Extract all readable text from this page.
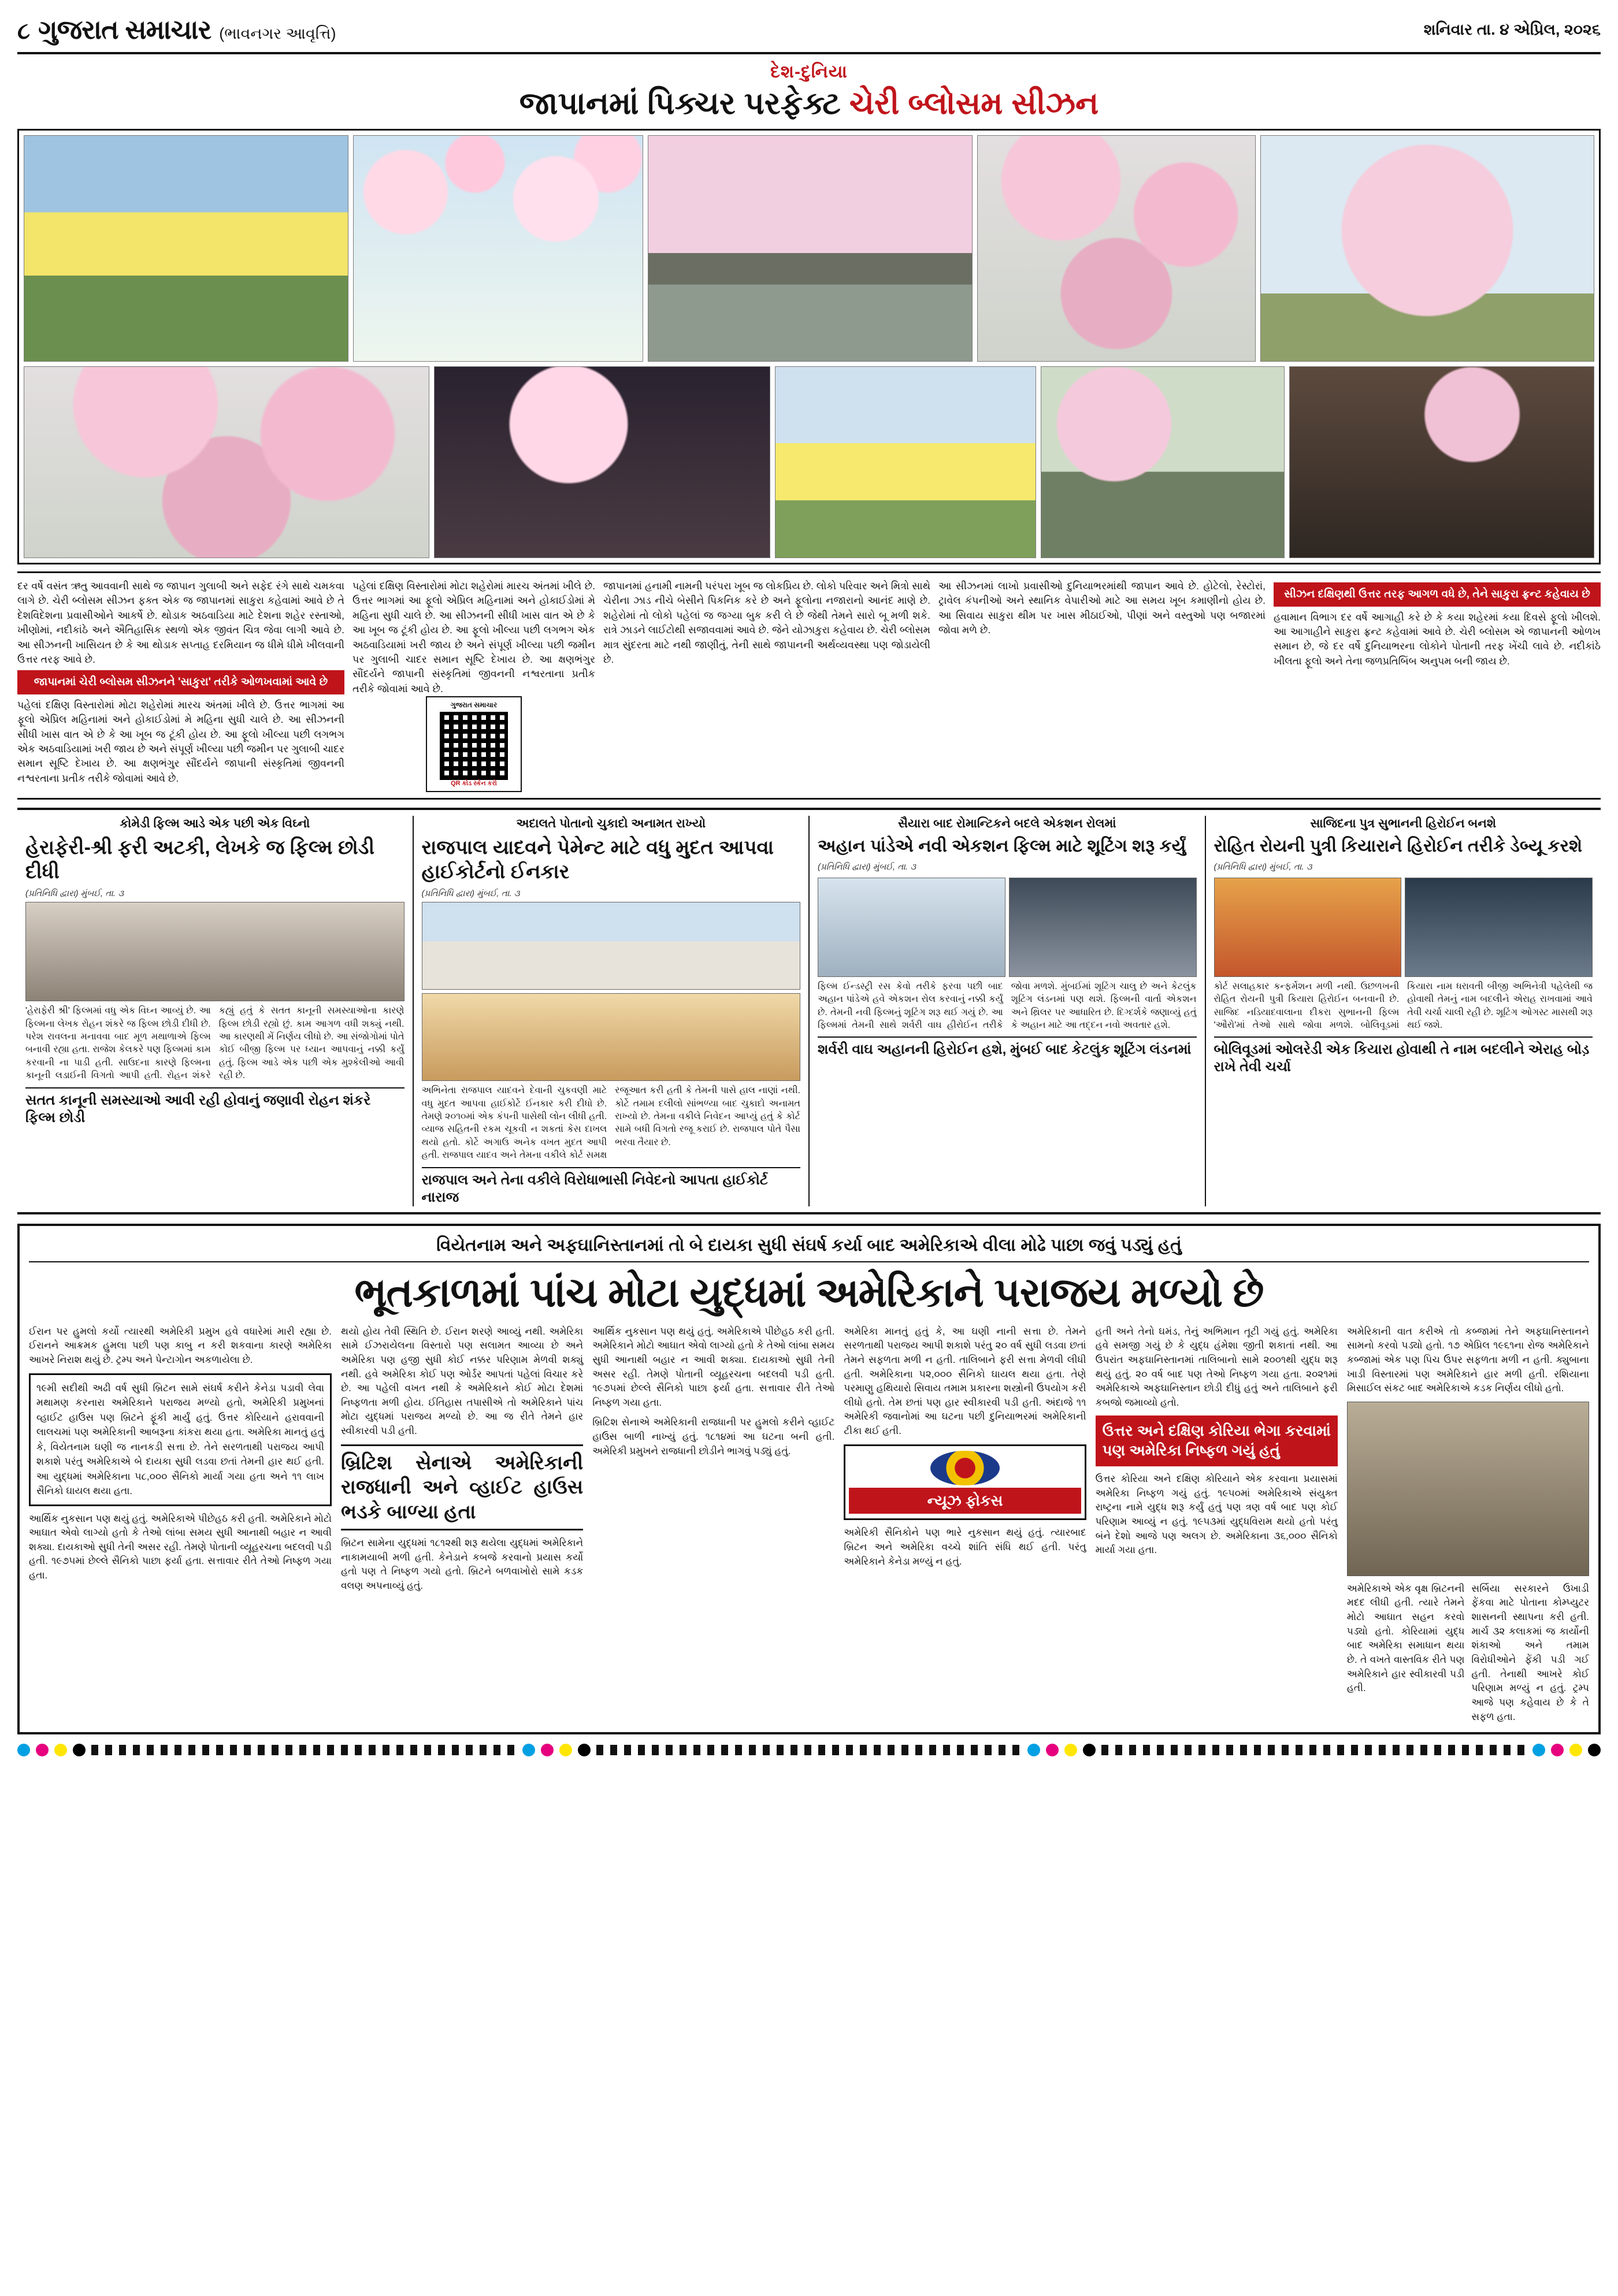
૮ ગુજરાત સમાચાર (ભાવનગર આવૃત્તિ)	શનિવાર તા. ૪ એપ્રિલ, ૨૦૨૬
દેશ-દુનિયા
જાપાનમાં પિક્ચર પરફેક્ટ ચેરી બ્લોસમ સીઝન
દર વર્ષે વસંત ઋતુ આવવાની સાથે જ જાપાન ગુલાબી અને સફેદ રંગે સાથે ચમકવા લાગે છે. ચેરી બ્લોસમ સીઝન ફક્ત એક જ જાપાનમાં સાકુરા કહેવામાં આવે છે તે દેશવિદેશના પ્રવાસીઓને આકર્ષે છે. થોડાક અઠવાડિયા માટે દેશના શહેર રસ્તાઓ, ખીણોમાં, નદીકાંઠે અને ઐતિહાસિક સ્થળો એક જીવંત ચિત્ર જેવા લાગી આવે છે. આ સીઝનની ખાસિયત છે કે આ થોડાક સપ્તાહ દરમિયાન જ ધીમે ધીમે ખીલવાની ઉત્તર તરફ આવે છે.
જાપાનમાં ચેરી બ્લોસમ સીઝનને 'સાકુરા' તરીકે ઓળખવામાં આવે છે
પહેલાં દક્ષિણ વિસ્તારોમાં મોટા શહેરોમાં મારચ અંતમાં ખીલે છે. ઉત્તર ભાગમાં આ ફૂલો એપ્રિલ મહિનામાં અને હોકાઈડોમાં મે મહિના સુધી ચાલે છે. આ સીઝનની સીધી ખાસ વાત એ છે કે આ ખૂબ જ ટૂંકી હોય છે. આ ફૂલો ખીલ્યા પછી લગભગ એક અઠવાડિયામાં ખરી જાય છે અને સંપૂર્ણ ખીલ્યા પછી જમીન પર ગુલાબી ચાદર સમાન સૂષ્ટિ દેખાય છે. આ ક્ષણભંગુર સૌંદર્યને જાપાની સંસ્કૃતિમાં જીવનની નશ્વરતાના પ્રતીક તરીકે જોવામાં આવે છે.
પહેલાં દક્ષિણ વિસ્તારોમાં મોટા શહેરોમાં મારચ અંતમાં ખીલે છે. ઉત્તર ભાગમાં આ ફૂલો એપ્રિલ મહિનામાં અને હોકાઈડોમાં મે મહિના સુધી ચાલે છે. આ સીઝનની સીધી ખાસ વાત એ છે કે આ ખૂબ જ ટૂંકી હોય છે. આ ફૂલો ખીલ્યા પછી લગભગ એક અઠવાડિયામાં ખરી જાય છે અને સંપૂર્ણ ખીલ્યા પછી જમીન પર ગુલાબી ચાદર સમાન સૂષ્ટિ દેખાય છે. આ ક્ષણભંગુર સૌંદર્યને જાપાની સંસ્કૃતિમાં જીવનની નશ્વરતાના પ્રતીક તરીકે જોવામાં આવે છે.
ગુજરાત સમાચાર
QR કોડ સ્કેન કરો
જાપાનમાં હનામી નામની પરંપરા ખૂબ જ લોકપ્રિય છે. લોકો પરિવાર અને મિત્રો સાથે ચેરીના ઝાડ નીચે બેસીને પિકનિક કરે છે અને ફૂલોના નજારાનો આનંદ માણે છે. શહેરોમાં તો લોકો પહેલાં જ જગ્યા બુક કરી લે છે જેથી તેમને સારો બૂ મળી શકે. રાત્રે ઝાડને લાઈટોથી સજાવવામાં આવે છે. જેને યોઝાકુરા કહેવાય છે. ચેરી બ્લોસમ માત્ર સુંદરતા માટે નથી જાણીતું, તેની સાથે જાપાનની અર્થવ્યવસ્થા પણ જોડાયેલી છે.
આ સીઝનમાં લાખો પ્રવાસીઓ દુનિયાભરમાંથી જાપાન આવે છે. હોટેલો, રેસ્ટોરાં, ટ્રાવેલ કંપનીઓ અને સ્થાનિક વેપારીઓ માટે આ સમય ખૂબ કમાણીનો હોય છે. આ સિવાય સાકુરા થીમ પર ખાસ મીઠાઈઓ, પીણાં અને વસ્તુઓ પણ બજારમાં જોવા મળે છે.
સીઝન દક્ષિણથી ઉત્તર તરફ આગળ વધે છે, તેને સાકુરા ફ્રન્ટ કહેવાય છે
હવામાન વિભાગ દર વર્ષે આગાહી કરે છે કે કયા શહેરમાં કયા દિવસે ફૂલો ખીલશે. આ આગાહીને સાકુરા ફ્રન્ટ કહેવામાં આવે છે. ચેરી બ્લોસમ એ જાપાનની ઓળખ સમાન છે, જે દર વર્ષે દુનિયાભરના લોકોને પોતાની તરફ ખેંચી લાવે છે. નદીકાંઠે ખીલતા ફૂલો અને તેના જળપ્રતિબિંબ અનુપમ બની જાય છે.
કોમેડી ફિલ્મ આડે એક પછી એક વિઘ્નો
હેરાફેરી-શ્રી ફરી અટકી, લેખકે જ ફિલ્મ છોડી દીધી
(પ્રતિનિધિ દ્વારા) મુંબઈ, તા. ૩
'હેરાફેરી શ્રી' ફિલ્મમાં વધુ એક વિઘ્ન આવ્યું છે. આ ફિલ્મના લેખક રોહન શંકરે જ ફિલ્મ છોડી દીધી છે. પરેશ રાવલના મનાવવા બાદ મૂળ મથાળાએ ફિલ્મ બનાવી રહ્યા હતા. રાજેશ કેલકરે પણ ફિલ્મમાં કામ કરવાની ના પાડી હતી. સાઉદના કારણે ફિલ્મના કાનૂની લડાઈની વિગતો આપી હતી. રોહન શંકરે કહ્યું હતું કે સતત કાનૂની સમસ્યાઓના કારણે ફિલ્મ છોડી રહ્યો છું. કામ આગળ વધી શક્યું નથી. આ કારણથી મેં નિર્ણય લીધો છે. આ સંજોગોમાં પોતે કોઈ બીજી ફિલ્મ પર ધ્યાન આપવાનું નક્કી કર્યું હતું. ફિલ્મ આડે એક પછી એક મુશ્કેલીઓ આવી રહી છે.
સતત કાનૂની સમસ્યાઓ આવી રહી હોવાનું જણાવી રોહન શંકરે ફિલ્મ છોડી
અદાલતે પોતાનો ચુકાદો અનામત રાખ્યો
રાજપાલ યાદવને પેમેન્ટ માટે વધુ મુદત આપવા હાઈકોર્ટનો ઈનકાર
(પ્રતિનિધિ દ્વારા) મુંબઈ, તા. ૩
અભિનેતા રાજપાલ યાદવને દેવાની ચુકવણી માટે વધુ મુદત આપવા હાઈકોર્ટે ઈનકાર કરી દીધો છે. તેમણે ૨૦૧૦માં એક કંપની પાસેથી લોન લીધી હતી. વ્યાજ સહિતની રકમ ચૂકવી ન શકતાં કેસ દાખલ થયો હતો. કોર્ટે અગાઉ અનેક વખત મુદત આપી હતી. રાજપાલ યાદવ અને તેમના વકીલે કોર્ટ સમક્ષ રજૂઆત કરી હતી કે તેમની પાસે હાલ નાણાં નથી. કોર્ટે તમામ દલીલો સાંભળ્યા બાદ ચુકાદો અનામત રાખ્યો છે. તેમના વકીલે નિવેદન આપ્યું હતું કે કોર્ટ સામે બધી વિગતો રજૂ કરાઈ છે. રાજપાલ પોતે પૈસા ભરવા તૈયાર છે.
રાજપાલ અને તેના વકીલે વિરોધાભાસી નિવેદનો આપતા હાઈકોર્ટ નારાજ
સૈયારા બાદ રોમાન્ટિકને બદલે એકશન રોલમાં
અહાન પાંડેએ નવી એકશન ફિલ્મ માટે શૂટિંગ શરૂ કર્યું
(પ્રતિનિધિ દ્વારા) મુંબઈ, તા. ૩
ફિલ્મ ઈન્ડસ્ટ્રી રસ કેવો તરીકે ફરવા પછી બાદ અહાન પાંડેએ હવે એકશન રોલ કરવાનું નક્કી કર્યું છે. તેમની નવી ફિલ્મનું શૂટિંગ શરૂ થઈ ગયું છે. આ ફિલ્મમાં તેમની સાથે શર્વરી વાઘ હીરોઈન તરીકે જોવા મળશે. મુંબઈમાં શૂટિંગ ચાલુ છે અને કેટલુંક શૂટિંગ લંડનમાં પણ થશે. ફિલ્મની વાર્તા એકશન અને થ્રિલર પર આધારિત છે. દિગ્દર્શકે જણાવ્યું હતું કે અહાન માટે આ તદ્દન નવો અવતાર હશે.
શર્વરી વાઘ અહાનની હિરોઈન હશે, મુંબઈ બાદ કેટલુંક શૂટિંગ લંડનમાં
સાજિદના પુત્ર સુભાનની હિરોઈન બનશે
રોહિત રોયની પુત્રી કિયારાને હિરોઈન તરીકે ડેબ્યૂ કરશે
(પ્રતિનિધિ દ્વારા) મુંબઈ, તા. ૩
કોર્ટ સલાહકાર કન્ફર્મેશન મળી નથી. ઉછળખની રોહિત રોયની પુત્રી કિયારા હિરોઈન બનવાની છે. સાજિદ નડિયાદવાલાના દીકરા સુભાનની ફિલ્મ 'ઔરો'માં તેઓ સાથે જોવા મળશે. બોલિવૂડમાં કિયારા નામ ધરાવતી બીજી અભિનેત્રી પહેલેથી જ હોવાથી તેમનું નામ બદલીને એરાહ રાખવામાં આવે તેવી ચર્ચા ચાલી રહી છે. શૂટિંગ ઓગસ્ટ માસથી શરૂ થઈ જશે.
બોલિવૂડમાં ઓલરેડી એક કિયારા હોવાથી તે નામ બદલીને એરાહ બોડ઼ રાખે તેવી ચર્ચા
વિયેતનામ અને અફઘાનિસ્તાનમાં તો બે દાયકા સુધી સંઘર્ષ કર્યા બાદ અમેરિકાએ વીલા મોઢે પાછા જવું પડ્યું હતું
ભૂતકાળમાં પાંચ મોટા યુદ્ધમાં અમેરિકાને પરાજય મળ્યો છે
ઈરાન પર હુમલો કર્યો ત્યારથી અમેરિકી પ્રમુખ હવે વધારેમાં મારી રહ્યા છે. ઈરાનને આક્રમક હુમલા પછી પણ કાબુ ન કરી શકવાના કારણે અમેરિકા આખરે નિરાશ થયું છે. ટ્રમ્પ અને પેન્ટાગોન અકળાયેલા છે.
૧૯મી સદીથી અઢી વર્ષ સુધી બ્રિટન સામે સંઘર્ષ કરીને કેનેડા પડાવી લેવા મથામણ કરનારા અમેરિકાને પરાજય મળ્યો હતો, અમેરિકી પ્રમુખનાં વ્હાઈટ હાઉસ પણ બ્રિટને ફૂંકી માર્યું હતું. ઉત્તર કોરિયાને હરાવવાની લાલચમાં પણ અમેરિકાની આબરૂના કાંકરા થયા હતા. અમેરિકા માનતું હતું કે, વિયેતનામ ઘણી જ નાનકડી સત્તા છે. તેને સરળતાથી પરાજય આપી શકાશે પરંતુ અમેરિકાએ બે દાયકા સુધી લડવા છતાં તેમની હાર થઈ હતી. આ યુદ્ધમાં અમેરિકાના ૫૮,૦૦૦ સૈનિકો માર્યા ગયા હતા અને ૧૧ લાખ સૈનિકો ઘાયલ થયા હતા.
આર્થિક નુકસાન પણ થયું હતું. અમેરિકાએ પીછેહઠ કરી હતી. અમેરિકાને મોટો આઘાત એવો લાગ્યો હતો કે તેઓ લાંબા સમય સુધી આનાથી બહાર ન આવી શક્યા. દાયકાઓ સુધી તેની અસર રહી. તેમણે પોતાની વ્યૂહરચના બદલવી પડી હતી. ૧૯૭૫માં છેલ્લે સૈનિકો પાછા ફર્યા હતા. સત્તાવાર રીતે તેઓ નિષ્ફળ ગયા હતા.
થયો હોય તેવી સ્થિતિ છે. ઈરાન શરણે આવ્યું નથી. અમેરિકા સામે ઈઝરાયેલના વિસ્તારો પણ સલામત આવ્યા છે અને અમેરિકા પણ હજી સુધી કોઈ નક્કર પરિણામ મેળવી શક્યું નથી. હવે અમેરિકા કોઈ પણ ઓર્ડર આપતાં પહેલાં વિચાર કરે છે. આ પહેલી વખત નથી કે અમેરિકાને કોઈ મોટા દેશમાં નિષ્ફળતા મળી હોય. ઈતિહાસ તપાસીએ તો અમેરિકાને પાંચ મોટા યુદ્ધમાં પરાજય મળ્યો છે. આ જ રીતે તેમને હાર સ્વીકારવી પડી હતી.
બ્રિટિશ સેનાએ અમેરિકાની રાજધાની અને વ્હાઈટ હાઉસ ભડકે બાળ્યા હતા
બ્રિટન સામેના યુદ્ધમાં ૧૮૧૨થી શરૂ થયેલા યુદ્ધમાં અમેરિકાને નાકામયાબી મળી હતી. કેનેડાને કબજે કરવાનો પ્રયાસ કર્યો હતો પણ તે નિષ્ફળ ગયો હતો. બ્રિટને બળવાખોરો સામે કડક વલણ અપનાવ્યું હતું.
આર્થિક નુકસાન પણ થયું હતું. અમેરિકાએ પીછેહઠ કરી હતી. અમેરિકાને મોટો આઘાત એવો લાગ્યો હતો કે તેઓ લાંબા સમય સુધી આનાથી બહાર ન આવી શક્યા. દાયકાઓ સુધી તેની અસર રહી. તેમણે પોતાની વ્યૂહરચના બદલવી પડી હતી. ૧૯૭૫માં છેલ્લે સૈનિકો પાછા ફર્યા હતા. સત્તાવાર રીતે તેઓ નિષ્ફળ ગયા હતા.
બ્રિટિશ સેનાએ અમેરિકાની રાજધાની પર હુમલો કરીને વ્હાઈટ હાઉસ બાળી નાખ્યું હતું. ૧૮૧૪માં આ ઘટના બની હતી. અમેરિકી પ્રમુખને રાજધાની છોડીને ભાગવું પડ્યું હતું.
અમેરિકા માનતું હતું કે, આ ઘણી નાની સત્તા છે. તેમને સરળતાથી પરાજય આપી શકાશે પરંતુ ૨૦ વર્ષ સુધી લડવા છતાં તેમને સફળતા મળી ન હતી. તાલિબાને ફરી સત્તા મેળવી લીધી હતી. અમેરિકાના ૫૨,૦૦૦ સૈનિકો ઘાયલ થયા હતા. તેણે પરમાણુ હથિયારો સિવાય તમામ પ્રકારના શસ્ત્રોની ઉપયોગ કરી લીધો હતો. તેમ છતાં પણ હાર સ્વીકારવી પડી હતી. અંદાજે ૧૧ અમેરિકી જવાનોમાં આ ઘટના પછી દુનિયાભરમાં અમેરિકાની ટીકા થઈ હતી.
ન્યૂઝ ફોકસ
અમેરિકી સૈનિકોને પણ ભારે નુકસાન થયું હતું. ત્યારબાદ બ્રિટન અને અમેરિકા વચ્ચે શાંતિ સંધિ થઈ હતી. પરંતુ અમેરિકાને કેનેડા મળ્યું ન હતું.
હતી અને તેનો ઘમંડ, તેનું અભિમાન તૂટી ગયું હતું. અમેરિકા હવે સમજી ગયું છે કે યુદ્ધ હંમેશા જીતી શકાતાં નથી. આ ઉપરાંત અફઘાનિસ્તાનમાં તાલિબાનો સામે ૨૦૦૧થી યુદ્ધ શરૂ થયું હતું. ૨૦ વર્ષ બાદ પણ તેઓ નિષ્ફળ ગયા હતા. ૨૦૨૧માં અમેરિકાએ અફઘાનિસ્તાન છોડી દીધું હતું અને તાલિબાને ફરી કબજો જમાવ્યો હતો.
ઉત્તર અને દક્ષિણ કોરિયા ભેગા કરવામાં પણ અમેરિકા નિષ્ફળ ગયું હતું
ઉત્તર કોરિયા અને દક્ષિણ કોરિયાને એક કરવાના પ્રયાસમાં અમેરિકા નિષ્ફળ ગયું હતું. ૧૯૫૦માં અમેરિકાએ સંયુક્ત રાષ્ટ્રના નામે યુદ્ધ શરૂ કર્યું હતું પણ ત્રણ વર્ષ બાદ પણ કોઈ પરિણામ આવ્યું ન હતું. ૧૯૫૩માં યુદ્ધવિરામ થયો હતો પરંતુ બંને દેશો આજે પણ અલગ છે. અમેરિકાના ૩૬,૦૦૦ સૈનિકો માર્યા ગયા હતા.
અમેરિકાની વાત કરીએ તો કબ્જામાં તેને અફઘાનિસ્તાનને સામનો કરવો પડ્યો હતો. ૧૭ એપ્રિલ ૧૯૬૧ના રોજ અમેરિકાને કબ્જામાં એક પણ પિચ ઉપર સફળતા મળી ન હતી. ક્યુબાના ખાડી વિસ્તારમાં પણ અમેરિકાને હાર મળી હતી. રશિયાના મિસાઈલ સંકટ બાદ અમેરિકાએ કડક નિર્ણય લીધો હતો.
અમેરિકાએ એક વૃક્ષ બ્રિટનની મદદ લીધી હતી. ત્યારે તેમને મોટો આઘાત સહન કરવો પડ્યો હતો. કોરિયામાં યુદ્ધ બાદ અમેરિકા સમાધાન થયા છે. તે વખતે વાસ્તવિક રીતે પણ અમેરિકાને હાર સ્વીકારવી પડી હતી.
સર્બિયા સરકારને ઉખાડી ફેંકવા માટે પોતાના કોમ્પ્યુટર શાસનની સ્થાપના કરી હતી. માર્ચ ૩૨ કલાકમાં જ કાર્યોની શંકાઓ અને તમામ વિરોધીઓને ફેંકી પડી ગઈ હતી. તેનાથી આખરે કોઈ પરિણામ મળ્યું ન હતું. ટ્રમ્પ આજે પણ કહેવાય છે કે તે સફળ હતા.
